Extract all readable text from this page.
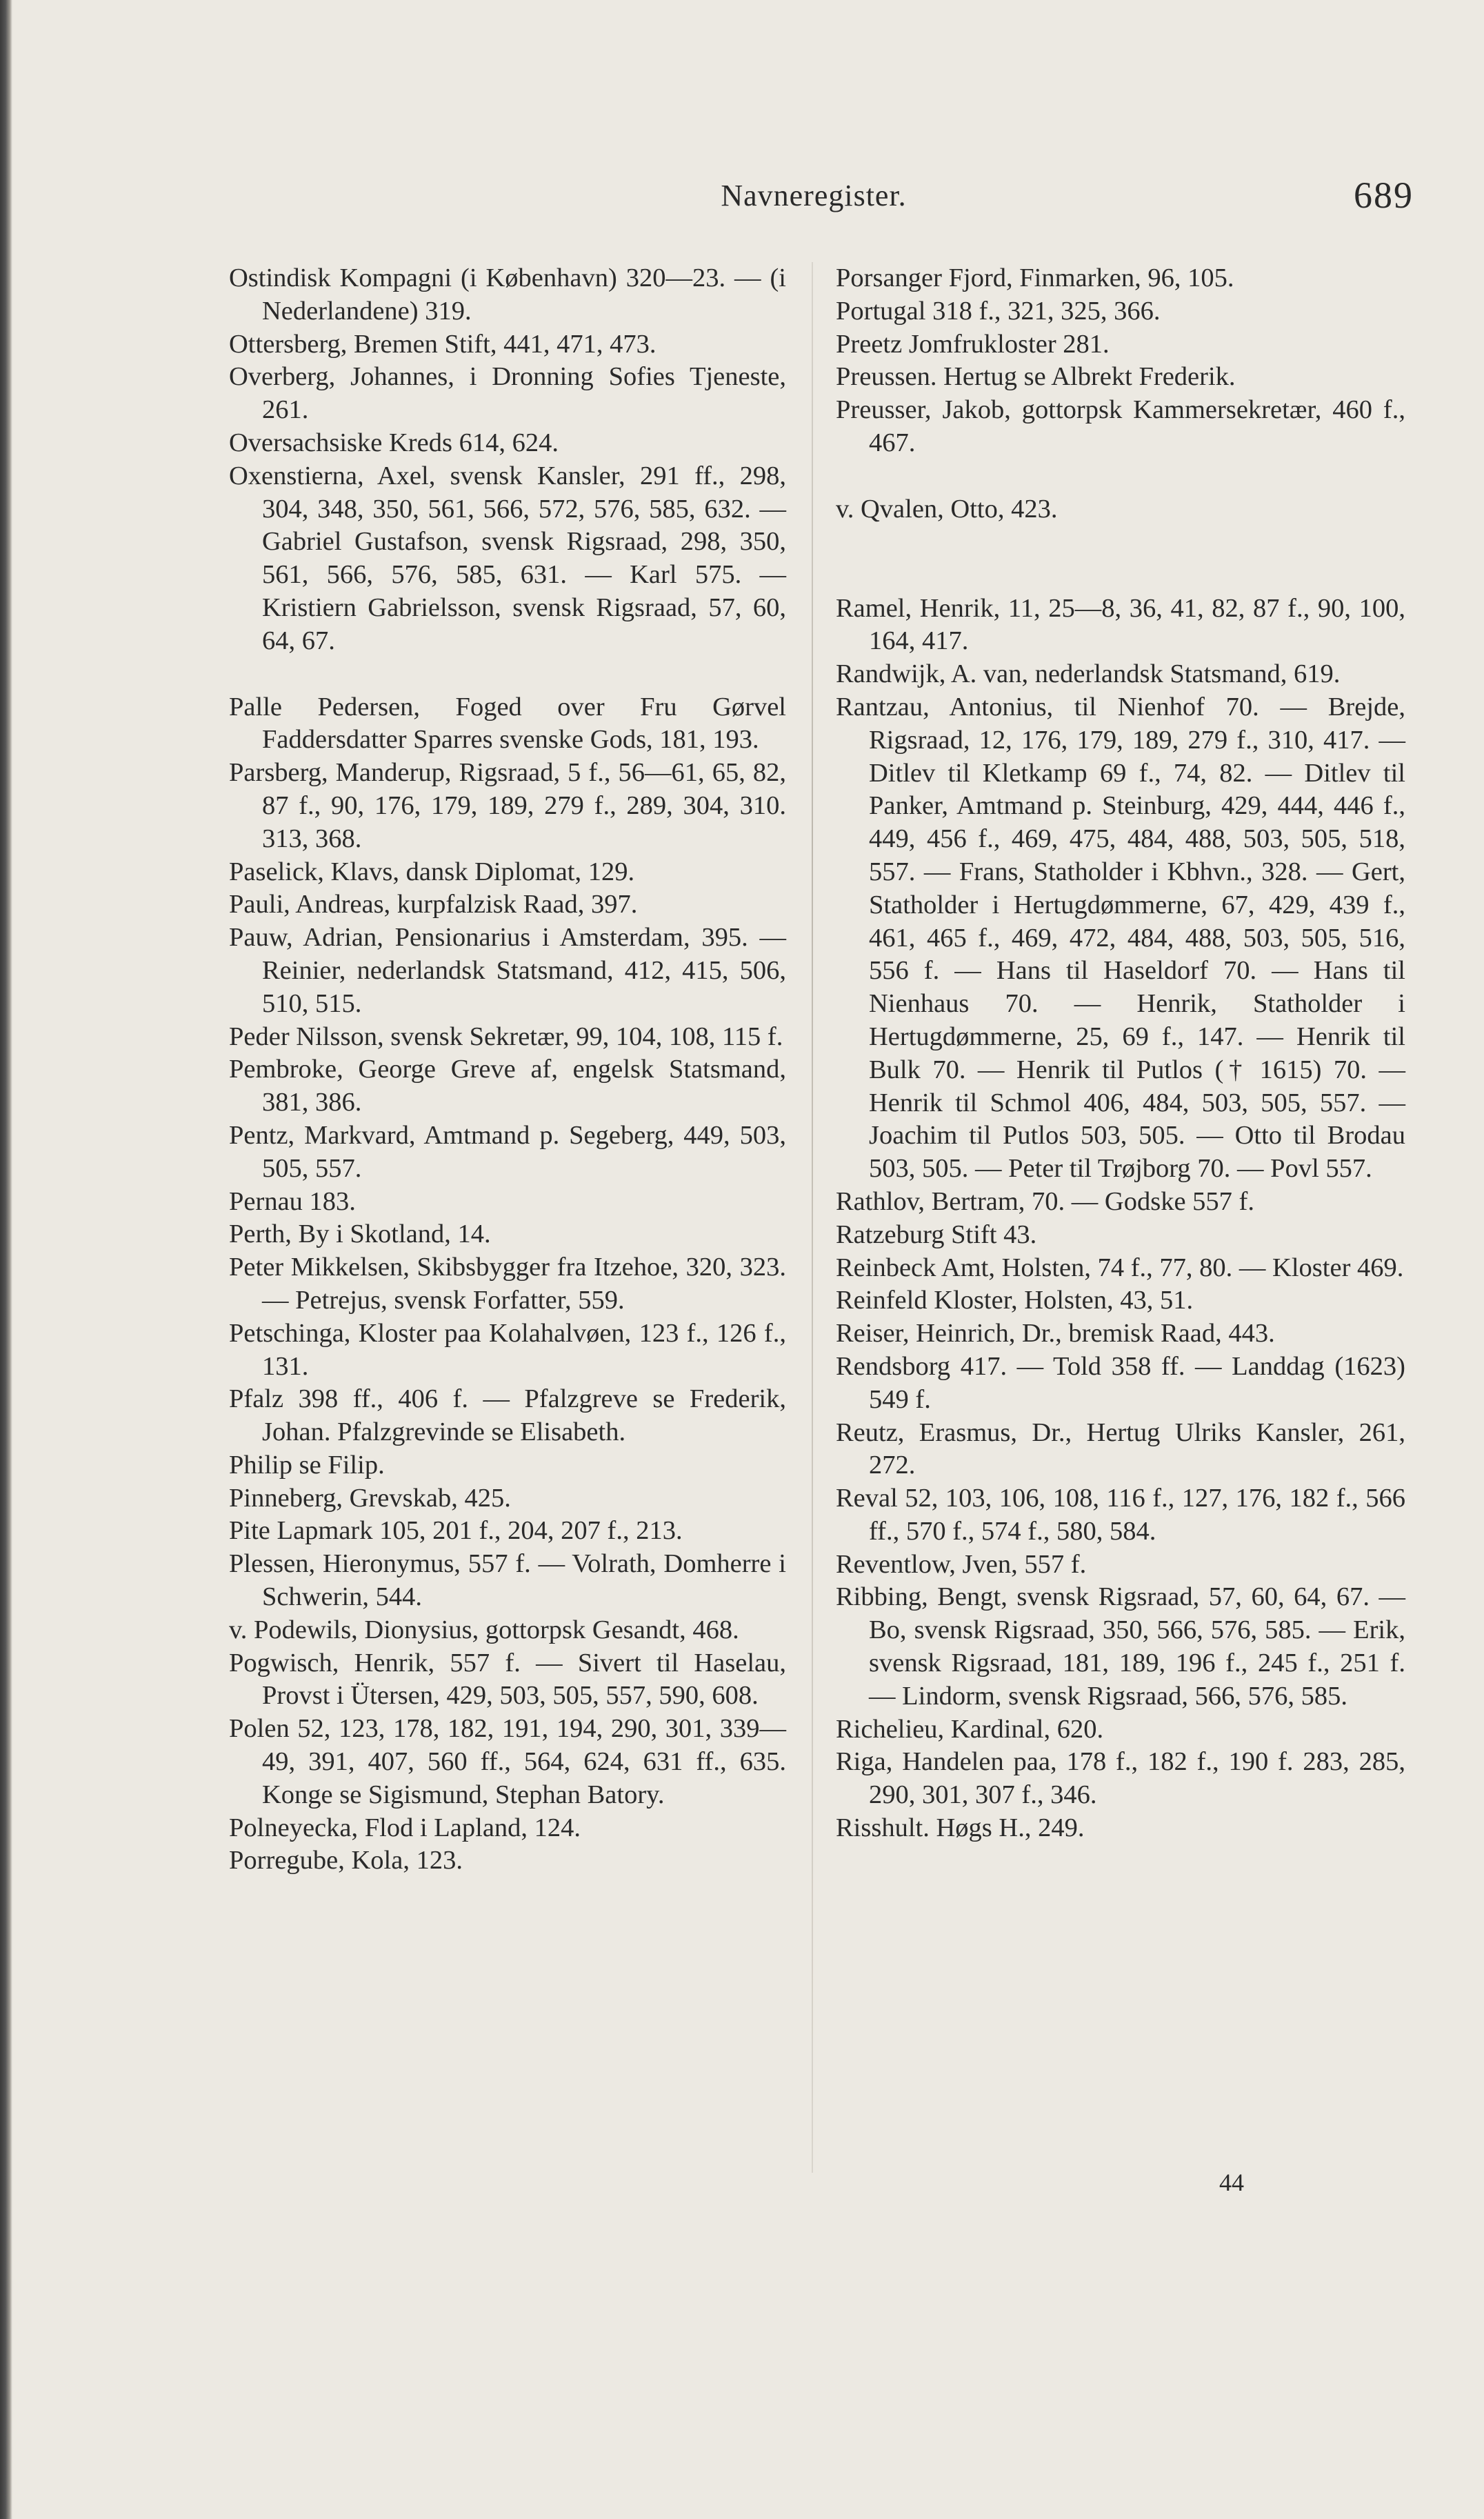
Navneregister.	689

Ostindisk Kompagni (i København) 320—23. — (i Nederlandene) 319.

Ottersberg, Bremen Stift, 441, 471, 473.

Overberg, Johannes, i Dronning Sofies Tjeneste, 261.

Oversachsiske Kreds 614, 624.

Oxenstierna, Axel, svensk Kansler, 291 ff., 298, 304, 348, 350, 561, 566, 572, 576, 585, 632. — Gabriel Gustafson, svensk Rigsraad, 298, 350, 561, 566, 576, 585, 631. — Karl 575. — Kristiern Gabrielsson, svensk Rigsraad, 57, 60, 64, 67.

Palle Pedersen, Foged over Fru Gørvel Faddersdatter Sparres svenske Gods, 181, 193.

Parsberg, Manderup, Rigsraad, 5 f., 56—61, 65, 82, 87 f., 90, 176, 179, 189, 279 f., 289, 304, 310. 313, 368.

Paselick, Klavs, dansk Diplomat, 129.

Pauli, Andreas, kurpfalzisk Raad, 397.

Pauw, Adrian, Pensionarius i Amsterdam, 395. — Reinier, nederlandsk Statsmand, 412, 415, 506, 510, 515.

Peder Nilsson, svensk Sekretær, 99, 104, 108, 115 f.

Pembroke, George Greve af, engelsk Statsmand, 381, 386.

Pentz, Markvard, Amtmand p. Segeberg, 449, 503, 505, 557.

Pernau 183.

Perth, By i Skotland, 14.

Peter Mikkelsen, Skibsbygger fra Itzehoe, 320, 323. — Petrejus, svensk Forfatter, 559.

Petschinga, Kloster paa Kolahalvøen, 123 f., 126 f., 131.

Pfalz 398 ff., 406 f. — Pfalzgreve se Frederik, Johan. Pfalzgrevinde se Elisabeth.

Philip se Filip.

Pinneberg, Grevskab, 425.

Pite Lapmark 105, 201 f., 204, 207 f., 213.

Plessen, Hieronymus, 557 f. — Volrath, Domherre i Schwerin, 544.

v. Podewils, Dionysius, gottorpsk Gesandt, 468.

Pogwisch, Henrik, 557 f. — Sivert til Haselau, Provst i Ütersen, 429, 503, 505, 557, 590, 608.

Polen 52, 123, 178, 182, 191, 194, 290, 301, 339—49, 391, 407, 560 ff., 564, 624, 631 ff., 635. Konge se Sigismund, Stephan Batory.

Polneyecka, Flod i Lapland, 124.

Porregube, Kola, 123.

Porsanger Fjord, Finmarken, 96, 105.

Portugal 318 f., 321, 325, 366.

Preetz Jomfrukloster 281.

Preussen. Hertug se Albrekt Frederik.

Preusser, Jakob, gottorpsk Kammersekretær, 460 f., 467.

v. Qvalen, Otto, 423.

Ramel, Henrik, 11, 25—8, 36, 41, 82, 87 f., 90, 100, 164, 417.

Randwijk, A. van, nederlandsk Statsmand, 619.

Rantzau, Antonius, til Nienhof 70. — Brejde, Rigsraad, 12, 176, 179, 189, 279 f., 310, 417. — Ditlev til Kletkamp 69 f., 74, 82. — Ditlev til Panker, Amtmand p. Steinburg, 429, 444, 446 f., 449, 456 f., 469, 475, 484, 488, 503, 505, 518, 557. — Frans, Statholder i Kbhvn., 328. — Gert, Statholder i Hertugdømmerne, 67, 429, 439 f., 461, 465 f., 469, 472, 484, 488, 503, 505, 516, 556 f. — Hans til Haseldorf 70. — Hans til Nienhaus 70. — Henrik, Statholder i Hertugdømmerne, 25, 69 f., 147. — Henrik til Bulk 70. — Henrik til Putlos († 1615) 70. — Henrik til Schmol 406, 484, 503, 505, 557. — Joachim til Putlos 503, 505. — Otto til Brodau 503, 505. — Peter til Trøjborg 70. — Povl 557.

Rathlov, Bertram, 70. — Godske 557 f.

Ratzeburg Stift 43.

Reinbeck Amt, Holsten, 74 f., 77, 80. — Kloster 469.

Reinfeld Kloster, Holsten, 43, 51.

Reiser, Heinrich, Dr., bremisk Raad, 443.

Rendsborg 417. — Told 358 ff. — Landdag (1623) 549 f.

Reutz, Erasmus, Dr., Hertug Ulriks Kansler, 261, 272.

Reval 52, 103, 106, 108, 116 f., 127, 176, 182 f., 566 ff., 570 f., 574 f., 580, 584.

Reventlow, Jven, 557 f.

Ribbing, Bengt, svensk Rigsraad, 57, 60, 64, 67. — Bo, svensk Rigsraad, 350, 566, 576, 585. — Erik, svensk Rigsraad, 181, 189, 196 f., 245 f., 251 f. — Lindorm, svensk Rigsraad, 566, 576, 585.

Richelieu, Kardinal, 620.

Riga, Handelen paa, 178 f., 182 f., 190 f. 283, 285, 290, 301, 307 f., 346.

Risshult. Høgs H., 249.

44
